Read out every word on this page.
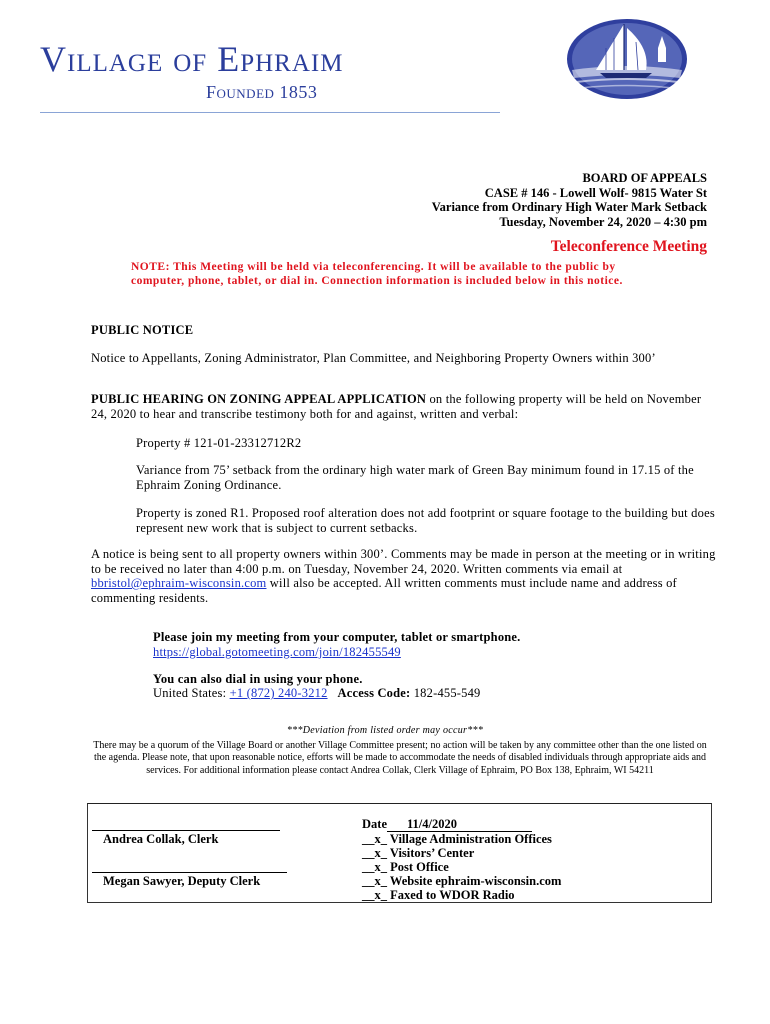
Village of Ephraim
Founded 1853
BOARD OF APPEALS
CASE # 146 - Lowell Wolf- 9815 Water St
Variance from Ordinary High Water Mark Setback
Tuesday, November 24, 2020 – 4:30 pm
Teleconference Meeting
NOTE: This Meeting will be held via teleconferencing. It will be available to the public by computer, phone, tablet, or dial in. Connection information is included below in this notice.
PUBLIC NOTICE
Notice to Appellants, Zoning Administrator, Plan Committee, and Neighboring Property Owners within 300’
PUBLIC HEARING ON ZONING APPEAL APPLICATION on the following property will be held on November 24, 2020 to hear and transcribe testimony both for and against, written and verbal:
Property # 121-01-23312712R2
Variance from 75’ setback from the ordinary high water mark of Green Bay minimum found in 17.15 of the Ephraim Zoning Ordinance.
Property is zoned R1. Proposed roof alteration does not add footprint or square footage to the building but does represent new work that is subject to current setbacks.
A notice is being sent to all property owners within 300’. Comments may be made in person at the meeting or in writing to be received no later than 4:00 p.m. on Tuesday, November 24, 2020. Written comments via email at bbristol@ephraim-wisconsin.com will also be accepted. All written comments must include name and address of commenting residents.
Please join my meeting from your computer, tablet or smartphone.
https://global.gotomeeting.com/join/182455549
You can also dial in using your phone.
United States: +1 (872) 240-3212 Access Code: 182-455-549
***Deviation from listed order may occur***
There may be a quorum of the Village Board or another Village Committee present; no action will be taken by any committee other than the one listed on the agenda. Please note, that upon reasonable notice, efforts will be made to accommodate the needs of disabled individuals through appropriate aids and services. For additional information please contact Andrea Collak, Clerk Village of Ephraim, PO Box 138, Ephraim, WI 54211
Andrea Collak, Clerk
Megan Sawyer, Deputy Clerk
Date 11/4/2020
__x_ Village Administration Offices
__x_ Visitors’ Center
__x_ Post Office
__x_ Website ephraim-wisconsin.com
__x_ Faxed to WDOR Radio
